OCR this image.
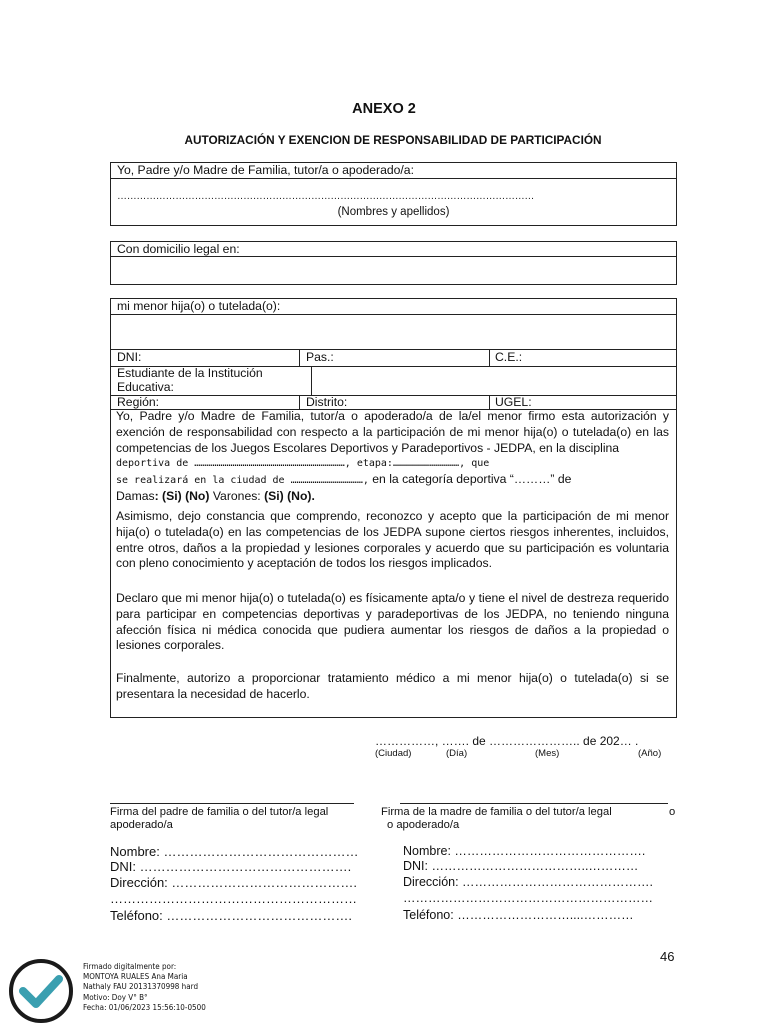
ANEXO 2
AUTORIZACIÓN Y EXENCION DE RESPONSABILIDAD DE PARTICIPACIÓN
Yo, Padre y/o Madre de Familia, tutor/a o apoderado/a:
…………………………………………………………………………………………………………………
(Nombres y apellidos)
Con domicilio legal en:
mi menor hija(o) o tutelada(o):
DNI:	Pas.:	C.E.:
Estudiante de la Institución
Educativa:
Región:	Distrito:	UGEL:

Yo, Padre y/o Madre de Familia, tutor/a o apoderado/a de la/el menor firmo esta autorización y exención de responsabilidad con respecto a la participación de mi menor hija(o) o tutelada(o) en las competencias de los Juegos Escolares Deportivos y Paradeportivos - JEDPA, en la disciplina

deportiva de …………………………………………………………………, etapa:……………………………, que
se realizará en la ciudad de ………………………………, en la categoría deportiva “………” de
Damas: (Si) (No) Varones: (Si) (No).
Asimismo, dejo constancia que comprendo, reconozco y acepto que la participación de mi menor hija(o) o tutelada(o) en las competencias de los JEDPA supone ciertos riesgos inherentes, incluidos, entre otros, daños a la propiedad y lesiones corporales y acuerdo que su participación es voluntaria con pleno conocimiento y aceptación de todos los riesgos implicados.
Declaro que mi menor hija(o) o tutelada(o) es físicamente apta/o y tiene el nivel de destreza requerido para participar en competencias deportivas y paradeportivas de los JEDPA, no teniendo ninguna afección física ni médica conocida que pudiera aumentar los riesgos de daños a la propiedad o lesiones corporales.
Finalmente, autorizo a proporcionar tratamiento médico a mi menor hija(o) o tutelada(o) si se presentara la necesidad de hacerlo.
……………, ……. de ………………….. de 202… .
(Ciudad)	(Día)	(Mes)	(Año)
Firma del padre de familia o del tutor/a legal
apoderado/a
Firma de la madre de familia o del tutor/a legal
o apoderado/a
o
Nombre: ………………………………………
DNI: ………………………………………….
Dirección: …………………………………….
…………………………………………………
Teléfono: …………………………………….
Nombre: ……………………………………….
DNI: ………………………………..…………
Dirección: ……………………………………….
……………………………………………………
Teléfono: ………………………....…………
46
Firmado digitalmente por:
MONTOYA RUALES Ana Maria
Nathaly FAU 20131370998 hard
Motivo: Doy V° B°
Fecha: 01/06/2023 15:56:10-0500
